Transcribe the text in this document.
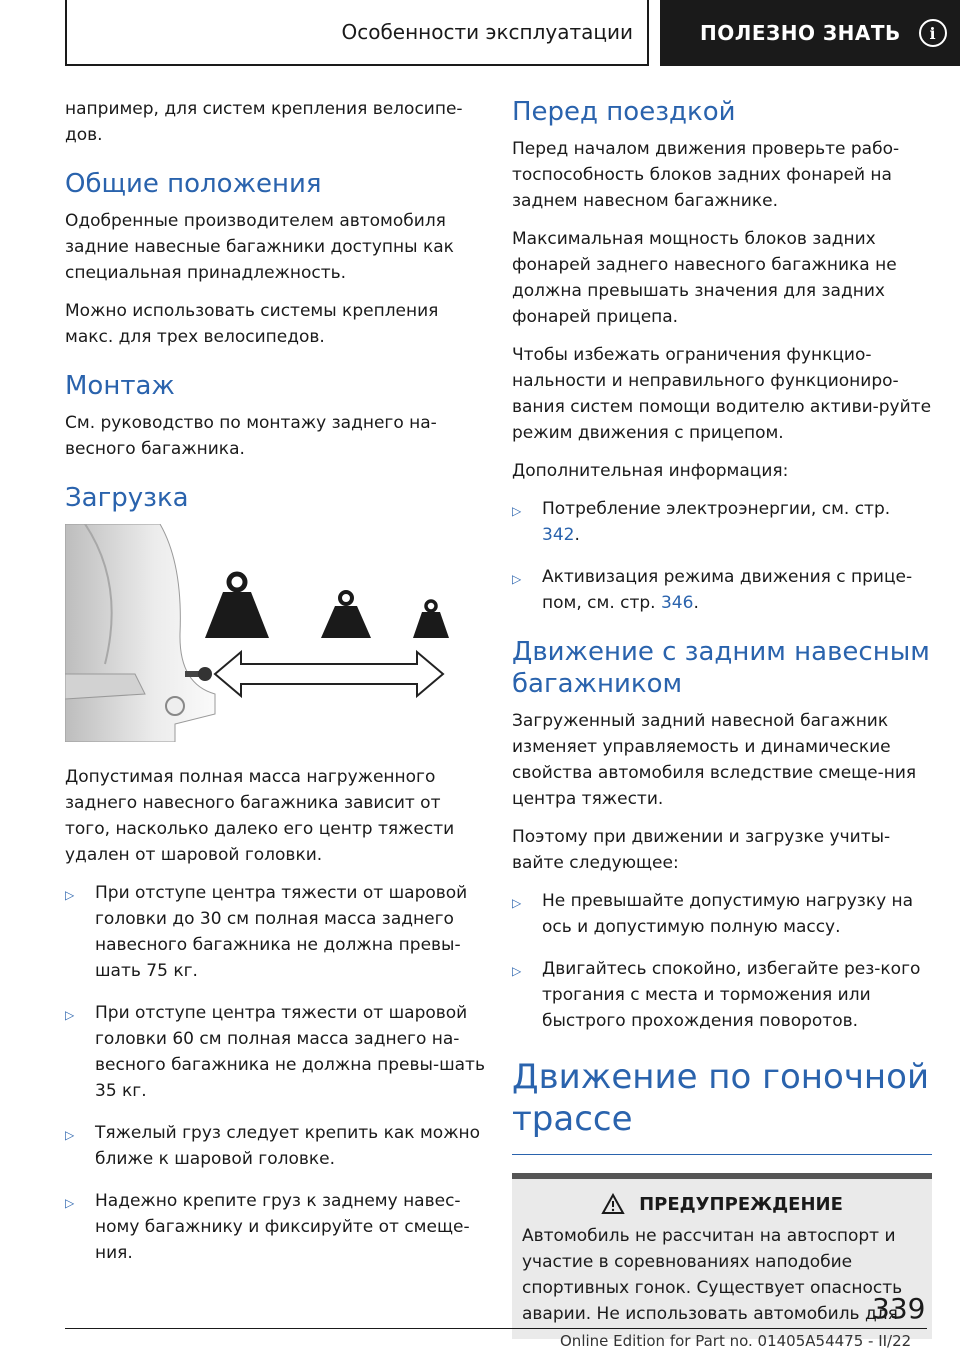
Особенности эксплуатации	ПОЛЕЗНО ЗНАТЬ	i

например, для систем крепления велосипе-дов.

Общие положения

Одобренные производителем автомобиля задние навесные багажники доступны как специальная принадлежность.

Можно использовать системы крепления макс. для трех велосипедов.

Монтаж

См. руководство по монтажу заднего на-весного багажника.

Загрузка

Допустимая полная масса нагруженного заднего навесного багажника зависит от того, насколько далеко его центр тяжести удален от шаровой головки.

▷	При отступе центра тяжести от шаровой головки до 30 см полная масса заднего навесного багажника не должна превы-шать 75 кг.
▷	При отступе центра тяжести от шаровой головки 60 см полная масса заднего на-весного багажника не должна превы-шать 35 кг.
▷	Тяжелый груз следует крепить как можно ближе к шаровой головке.
▷	Надежно крепите груз к заднему навес-ному багажнику и фиксируйте от смеще-ния.
Перед поездкой

Перед началом движения проверьте рабо-тоспособность блоков задних фонарей на заднем навесном багажнике.

Максимальная мощность блоков задних фонарей заднего навесного багажника не должна превышать значения для задних фонарей прицепа.

Чтобы избежать ограничения функцио-нальности и неправильного функциониро-вания систем помощи водителю активи-руйте режим движения с прицепом.

Дополнительная информация:

▷	Потребление электроэнергии, см. стр. 342.
▷	Активизация режима движения с прице-пом, см. стр. 346.
Движение с задним навесным багажником

Загруженный задний навесной багажник изменяет управляемость и динамические свойства автомобиля вследствие смеще-ния центра тяжести.

Поэтому при движении и загрузке учиты-вайте следующее:

▷	Не превышайте допустимую нагрузку на ось и допустимую полную массу.
▷	Двигайтесь спокойно, избегайте рез-кого трогания с места и торможения или быстрого прохождения поворотов.
Движение по гоночной трассе
ПРЕДУПРЕЖДЕНИЕ

Автомобиль не рассчитан на автоспорт и участие в соревнованиях наподобие спортивных гонок. Существует опасность аварии. Не использовать автомобиль для

339
Online Edition for Part no. 01405A54475 - II/22
